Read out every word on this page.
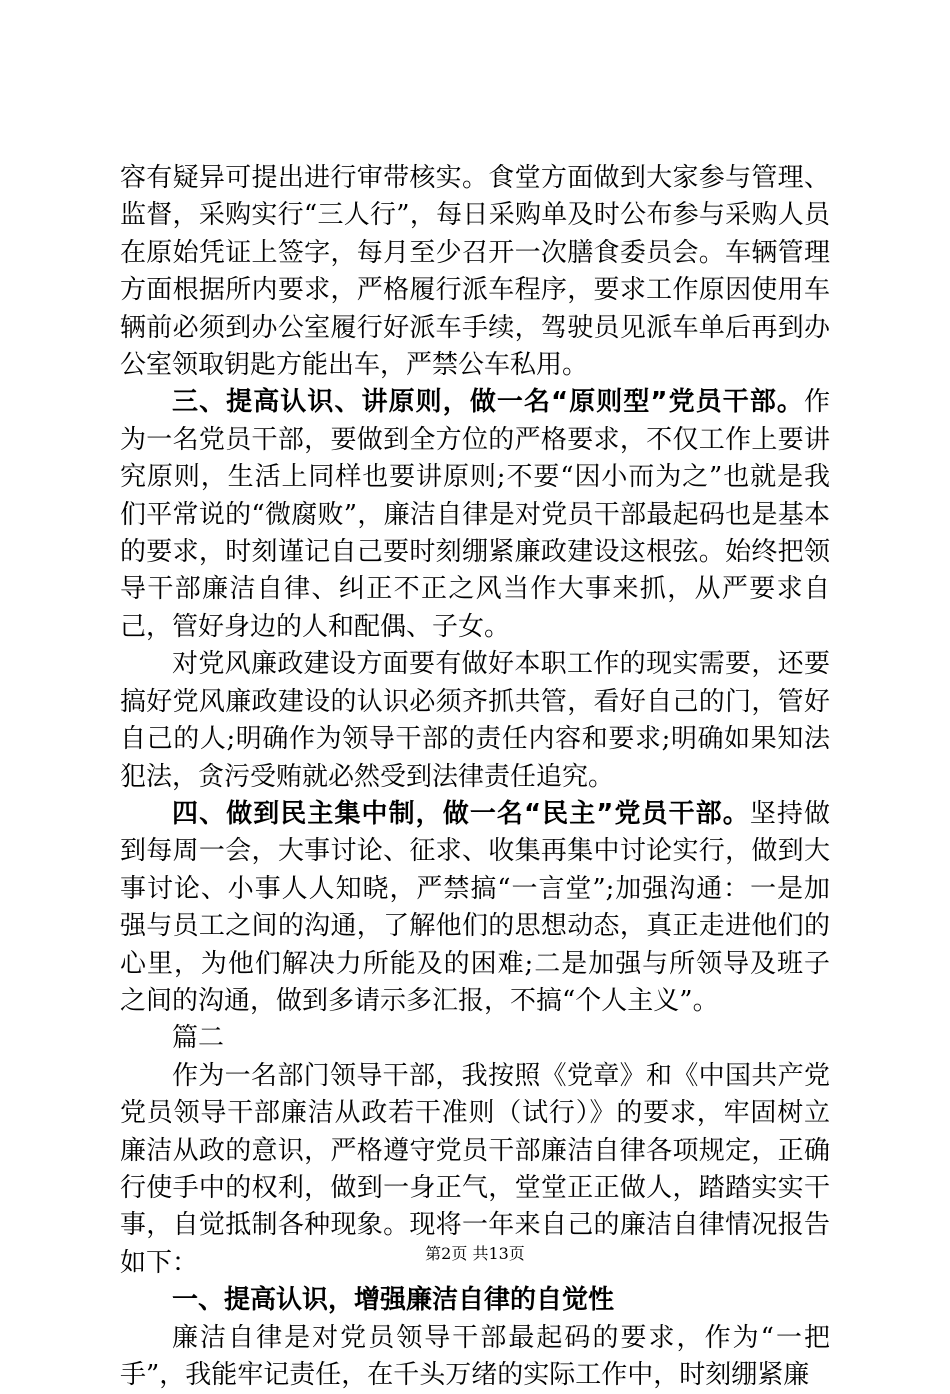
容有疑异可提出进行审带核实。食堂方面做到大家参与管理、监督，采购实行“三人行”，每日采购单及时公布参与采购人员在原始凭证上签字，每月至少召开一次膳食委员会。车辆管理方面根据所内要求，严格履行派车程序，要求工作原因使用车辆前必须到办公室履行好派车手续，驾驶员见派车单后再到办公室领取钥匙方能出车，严禁公车私用。

三、提高认识、讲原则，做一名“原则型”党员干部。作为一名党员干部，要做到全方位的严格要求，不仅工作上要讲究原则，生活上同样也要讲原则;不要“因小而为之”也就是我们平常说的“微腐败”，廉洁自律是对党员干部最起码也是基本的要求，时刻谨记自己要时刻绷紧廉政建设这根弦。始终把领导干部廉洁自律、纠正不正之风当作大事来抓，从严要求自己，管好身边的人和配偶、子女。

对党风廉政建设方面要有做好本职工作的现实需要，还要搞好党风廉政建设的认识必须齐抓共管，看好自己的门，管好自己的人;明确作为领导干部的责任内容和要求;明确如果知法犯法，贪污受贿就必然受到法律责任追究。

四、做到民主集中制，做一名“民主”党员干部。坚持做到每周一会，大事讨论、征求、收集再集中讨论实行，做到大事讨论、小事人人知晓，严禁搞“一言堂”;加强沟通：一是加强与员工之间的沟通，了解他们的思想动态，真正走进他们的心里，为他们解决力所能及的困难;二是加强与所领导及班子之间的沟通，做到多请示多汇报，不搞“个人主义”。

篇二

作为一名部门领导干部，我按照《党章》和《中国共产党党员领导干部廉洁从政若干准则（试行）》的要求，牢固树立廉洁从政的意识，严格遵守党员干部廉洁自律各项规定，正确行使手中的权利，做到一身正气，堂堂正正做人，踏踏实实干事，自觉抵制各种现象。现将一年来自己的廉洁自律情况报告如下：

一、提高认识，增强廉洁自律的自觉性

廉洁自律是对党员领导干部最起码的要求，作为“一把手”，我能牢记责任，在千头万绪的实际工作中，时刻绷紧廉

第2页 共13页
